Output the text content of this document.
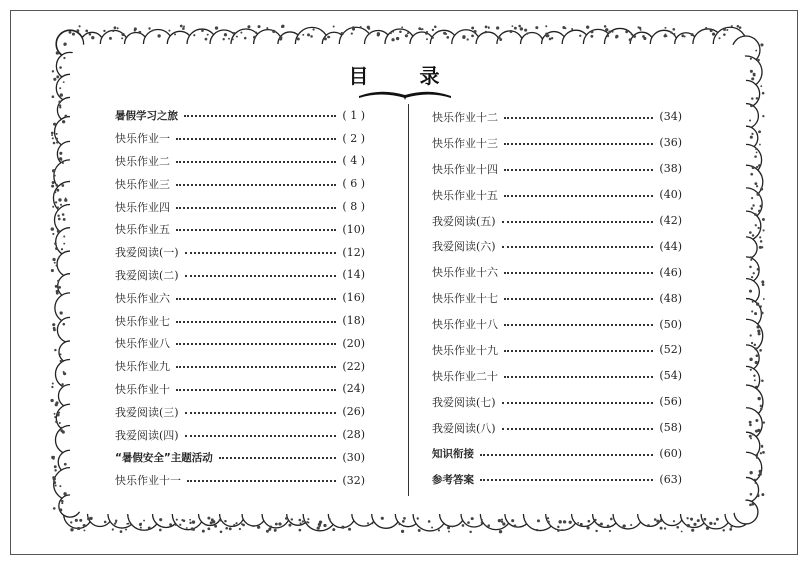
目 录
暑假学习之旅	( 1 )
快乐作业一	( 2 )
快乐作业二	( 4 )
快乐作业三	( 6 )
快乐作业四	( 8 )
快乐作业五	(10)
我爱阅读(一)	(12)
我爱阅读(二)	(14)
快乐作业六	(16)
快乐作业七	(18)
快乐作业八	(20)
快乐作业九	(22)
快乐作业十	(24)
我爱阅读(三)	(26)
我爱阅读(四)	(28)
“暑假安全”主题活动	(30)
快乐作业十一	(32)
快乐作业十二	(34)
快乐作业十三	(36)
快乐作业十四	(38)
快乐作业十五	(40)
我爱阅读(五)	(42)
我爱阅读(六)	(44)
快乐作业十六	(46)
快乐作业十七	(48)
快乐作业十八	(50)
快乐作业十九	(52)
快乐作业二十	(54)
我爱阅读(七)	(56)
我爱阅读(八)	(58)
知识衔接	(60)
参考答案	(63)
